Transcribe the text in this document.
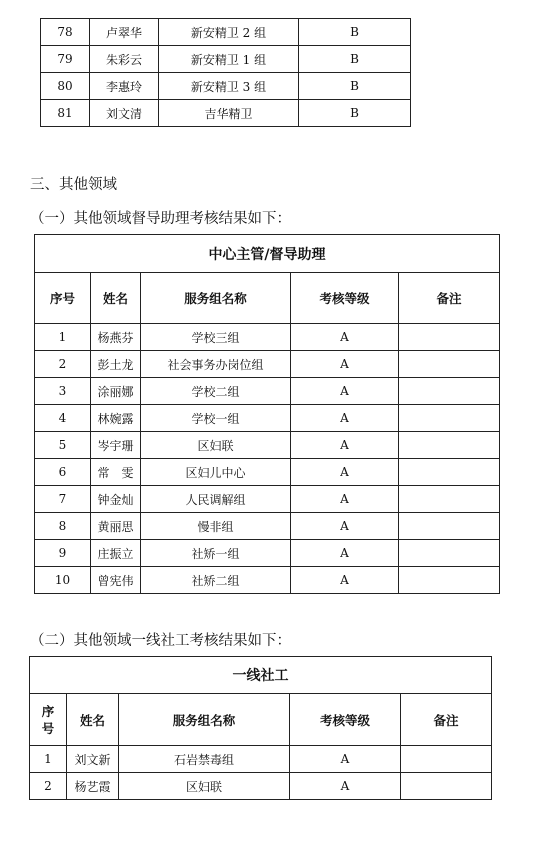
78	卢翠华	新安精卫 2 组	B	
79	朱彩云	新安精卫 1 组	B	
80	李惠玲	新安精卫 3 组	B	
81	刘文清	吉华精卫	B	
三、其他领域
（一）其他领域督导助理考核结果如下：
中心主管/督导助理				
序号	姓名	服务组名称	考核等级	备注
1	杨燕芬	学校三组	A	
2	彭土龙	社会事务办岗位组	A	
3	涂丽娜	学校二组	A	
4	林婉露	学校一组	A	
5	岑宇珊	区妇联	A	
6	常　雯	区妇儿中心	A	
7	钟金灿	人民调解组	A	
8	黄丽思	慢非组	A	
9	庄振立	社矫一组	A	
10	曾宪伟	社矫二组	A	
（二）其他领域一线社工考核结果如下：
一线社工				

序
号	姓名	服务组名称	考核等级	备注
1	刘文新	石岩禁毒组	A	
2	杨艺霞	区妇联	A	
